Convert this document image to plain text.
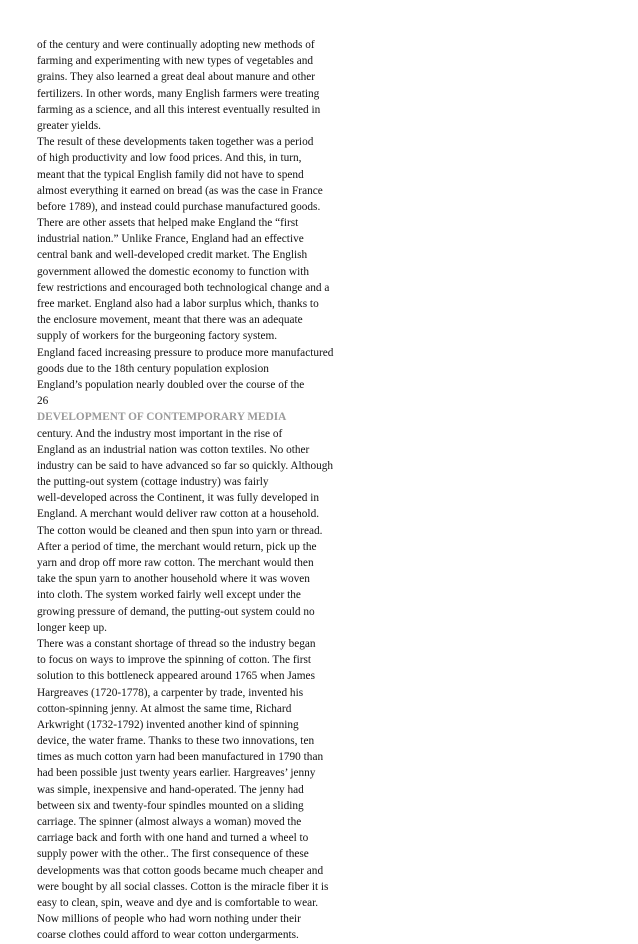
of the century and were continually adopting new methods of
farming and experimenting with new types of vegetables and
grains. They also learned a great deal about manure and other
fertilizers. In other words, many English farmers were treating
farming as a science, and all this interest eventually resulted in
greater yields.
The result of these developments taken together was a period
of high productivity and low food prices. And this, in turn,
meant that the typical English family did not have to spend
almost everything it earned on bread (as was the case in France
before 1789), and instead could purchase manufactured goods.
There are other assets that helped make England the “first
industrial nation.” Unlike France, England had an effective
central bank and well-developed credit market. The English
government allowed the domestic economy to function with
few restrictions and encouraged both technological change and a
free market. England also had a labor surplus which, thanks to
the enclosure movement, meant that there was an adequate
supply of workers for the burgeoning factory system.
England faced increasing pressure to produce more manufactured
goods due to the 18th century population explosion
England’s population nearly doubled over the course of the
26
DEVELOPMENT OF CONTEMPORARY MEDIA
century. And the industry most important in the rise of
England as an industrial nation was cotton textiles. No other
industry can be said to have advanced so far so quickly. Although
the putting-out system (cottage industry) was fairly
well-developed across the Continent, it was fully developed in
England. A merchant would deliver raw cotton at a household.
The cotton would be cleaned and then spun into yarn or thread.
After a period of time, the merchant would return, pick up the
yarn and drop off more raw cotton. The merchant would then
take the spun yarn to another household where it was woven
into cloth. The system worked fairly well except under the
growing pressure of demand, the putting-out system could no
longer keep up.
There was a constant shortage of thread so the industry began
to focus on ways to improve the spinning of cotton. The first
solution to this bottleneck appeared around 1765 when James
Hargreaves (1720-1778), a carpenter by trade, invented his
cotton-spinning jenny. At almost the same time, Richard
Arkwright (1732-1792) invented another kind of spinning
device, the water frame. Thanks to these two innovations, ten
times as much cotton yarn had been manufactured in 1790 than
had been possible just twenty years earlier. Hargreaves’ jenny
was simple, inexpensive and hand-operated. The jenny had
between six and twenty-four spindles mounted on a sliding
carriage. The spinner (almost always a woman) moved the
carriage back and forth with one hand and turned a wheel to
supply power with the other.. The first consequence of these
developments was that cotton goods became much cheaper and
were bought by all social classes. Cotton is the miracle fiber it is
easy to clean, spin, weave and dye and is comfortable to wear.
Now millions of people who had worn nothing under their
coarse clothes could afford to wear cotton undergarments.
